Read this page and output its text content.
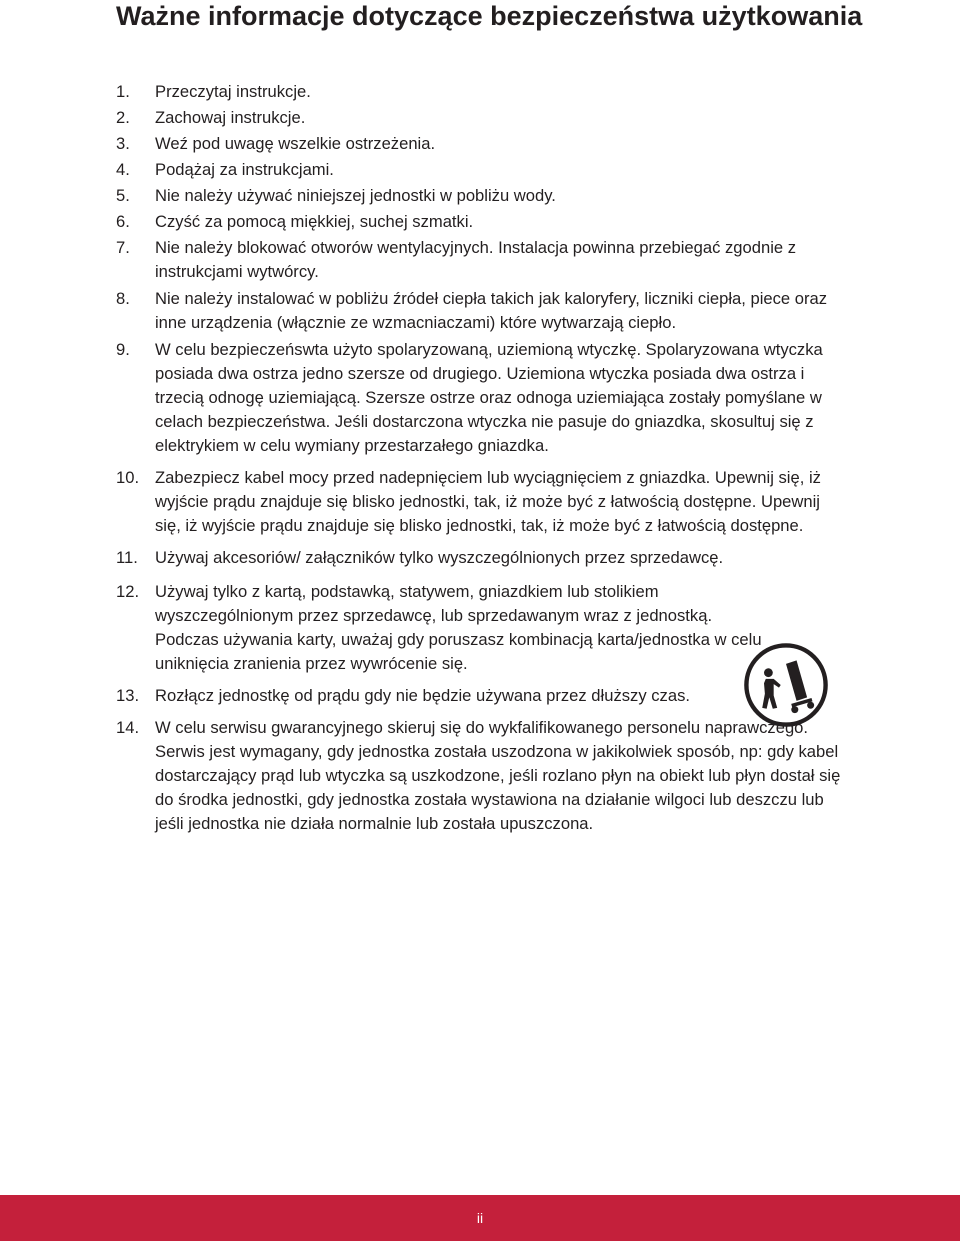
Ważne informacje dotyczące bezpieczeństwa użytkowania
1. Przeczytaj instrukcje.
2. Zachowaj instrukcje.
3. Weź pod uwagę wszelkie ostrzeżenia.
4. Podążaj za instrukcjami.
5. Nie należy używać niniejszej jednostki w pobliżu wody.
6. Czyść za pomocą miękkiej, suchej szmatki.
7. Nie należy blokować otworów wentylacyjnych. Instalacja powinna przebiegać zgodnie z instrukcjami wytwórcy.
8. Nie należy instalować w pobliżu źródeł ciepła takich jak kaloryfery, liczniki ciepła, piece oraz inne urządzenia (włącznie ze wzmacniaczami) które wytwarzają ciepło.
9. W celu bezpieczeńswta użyto spolaryzowaną, uziemioną wtyczkę. Spolaryzowana wtyczka posiada dwa ostrza jedno szersze od drugiego. Uziemiona wtyczka posiada dwa ostrza i trzecią odnogę uziemiającą. Szersze ostrze oraz odnoga uziemiająca zostały pomyślane w celach bezpieczeństwa. Jeśli dostarczona wtyczka nie pasuje do gniazdka, skosultuj się z elektrykiem w celu wymiany przestarzałego gniazdka.
10. Zabezpiecz kabel mocy przed nadepnięciem lub wyciągnięciem z gniazdka. Upewnij się, iż wyjście prądu znajduje się blisko jednostki, tak, iż może być z łatwością dostępne. Upewnij się, iż wyjście prądu znajduje się blisko jednostki, tak, iż może być z łatwością dostępne.
11. Używaj akcesoriów/ załączników tylko wyszczególnionych przez sprzedawcę.
12. Używaj tylko z kartą, podstawką, statywem, gniazdkiem lub stolikiem wyszczególnionym przez sprzedawcę, lub sprzedawanym wraz z jednostką. Podczas używania karty, uważaj gdy poruszasz kombinacją karta/jednostka w celu uniknięcia zranienia przez wywrócenie się.
13. Rozłącz jednostkę od prądu gdy nie będzie używana przez dłuższy czas.
14. W celu serwisu gwarancyjnego skieruj się do wykfalifikowanego personelu naprawczego. Serwis jest wymagany, gdy jednostka została uszodzona w jakikolwiek sposób, np: gdy kabel dostarczający prąd lub wtyczka są uszkodzone, jeśli rozlano płyn na obiekt lub płyn dostał się do środka jednostki, gdy jednostka została wystawiona na działanie wilgoci lub deszczu lub jeśli jednostka nie działa normalnie lub została upuszczona.
ii
